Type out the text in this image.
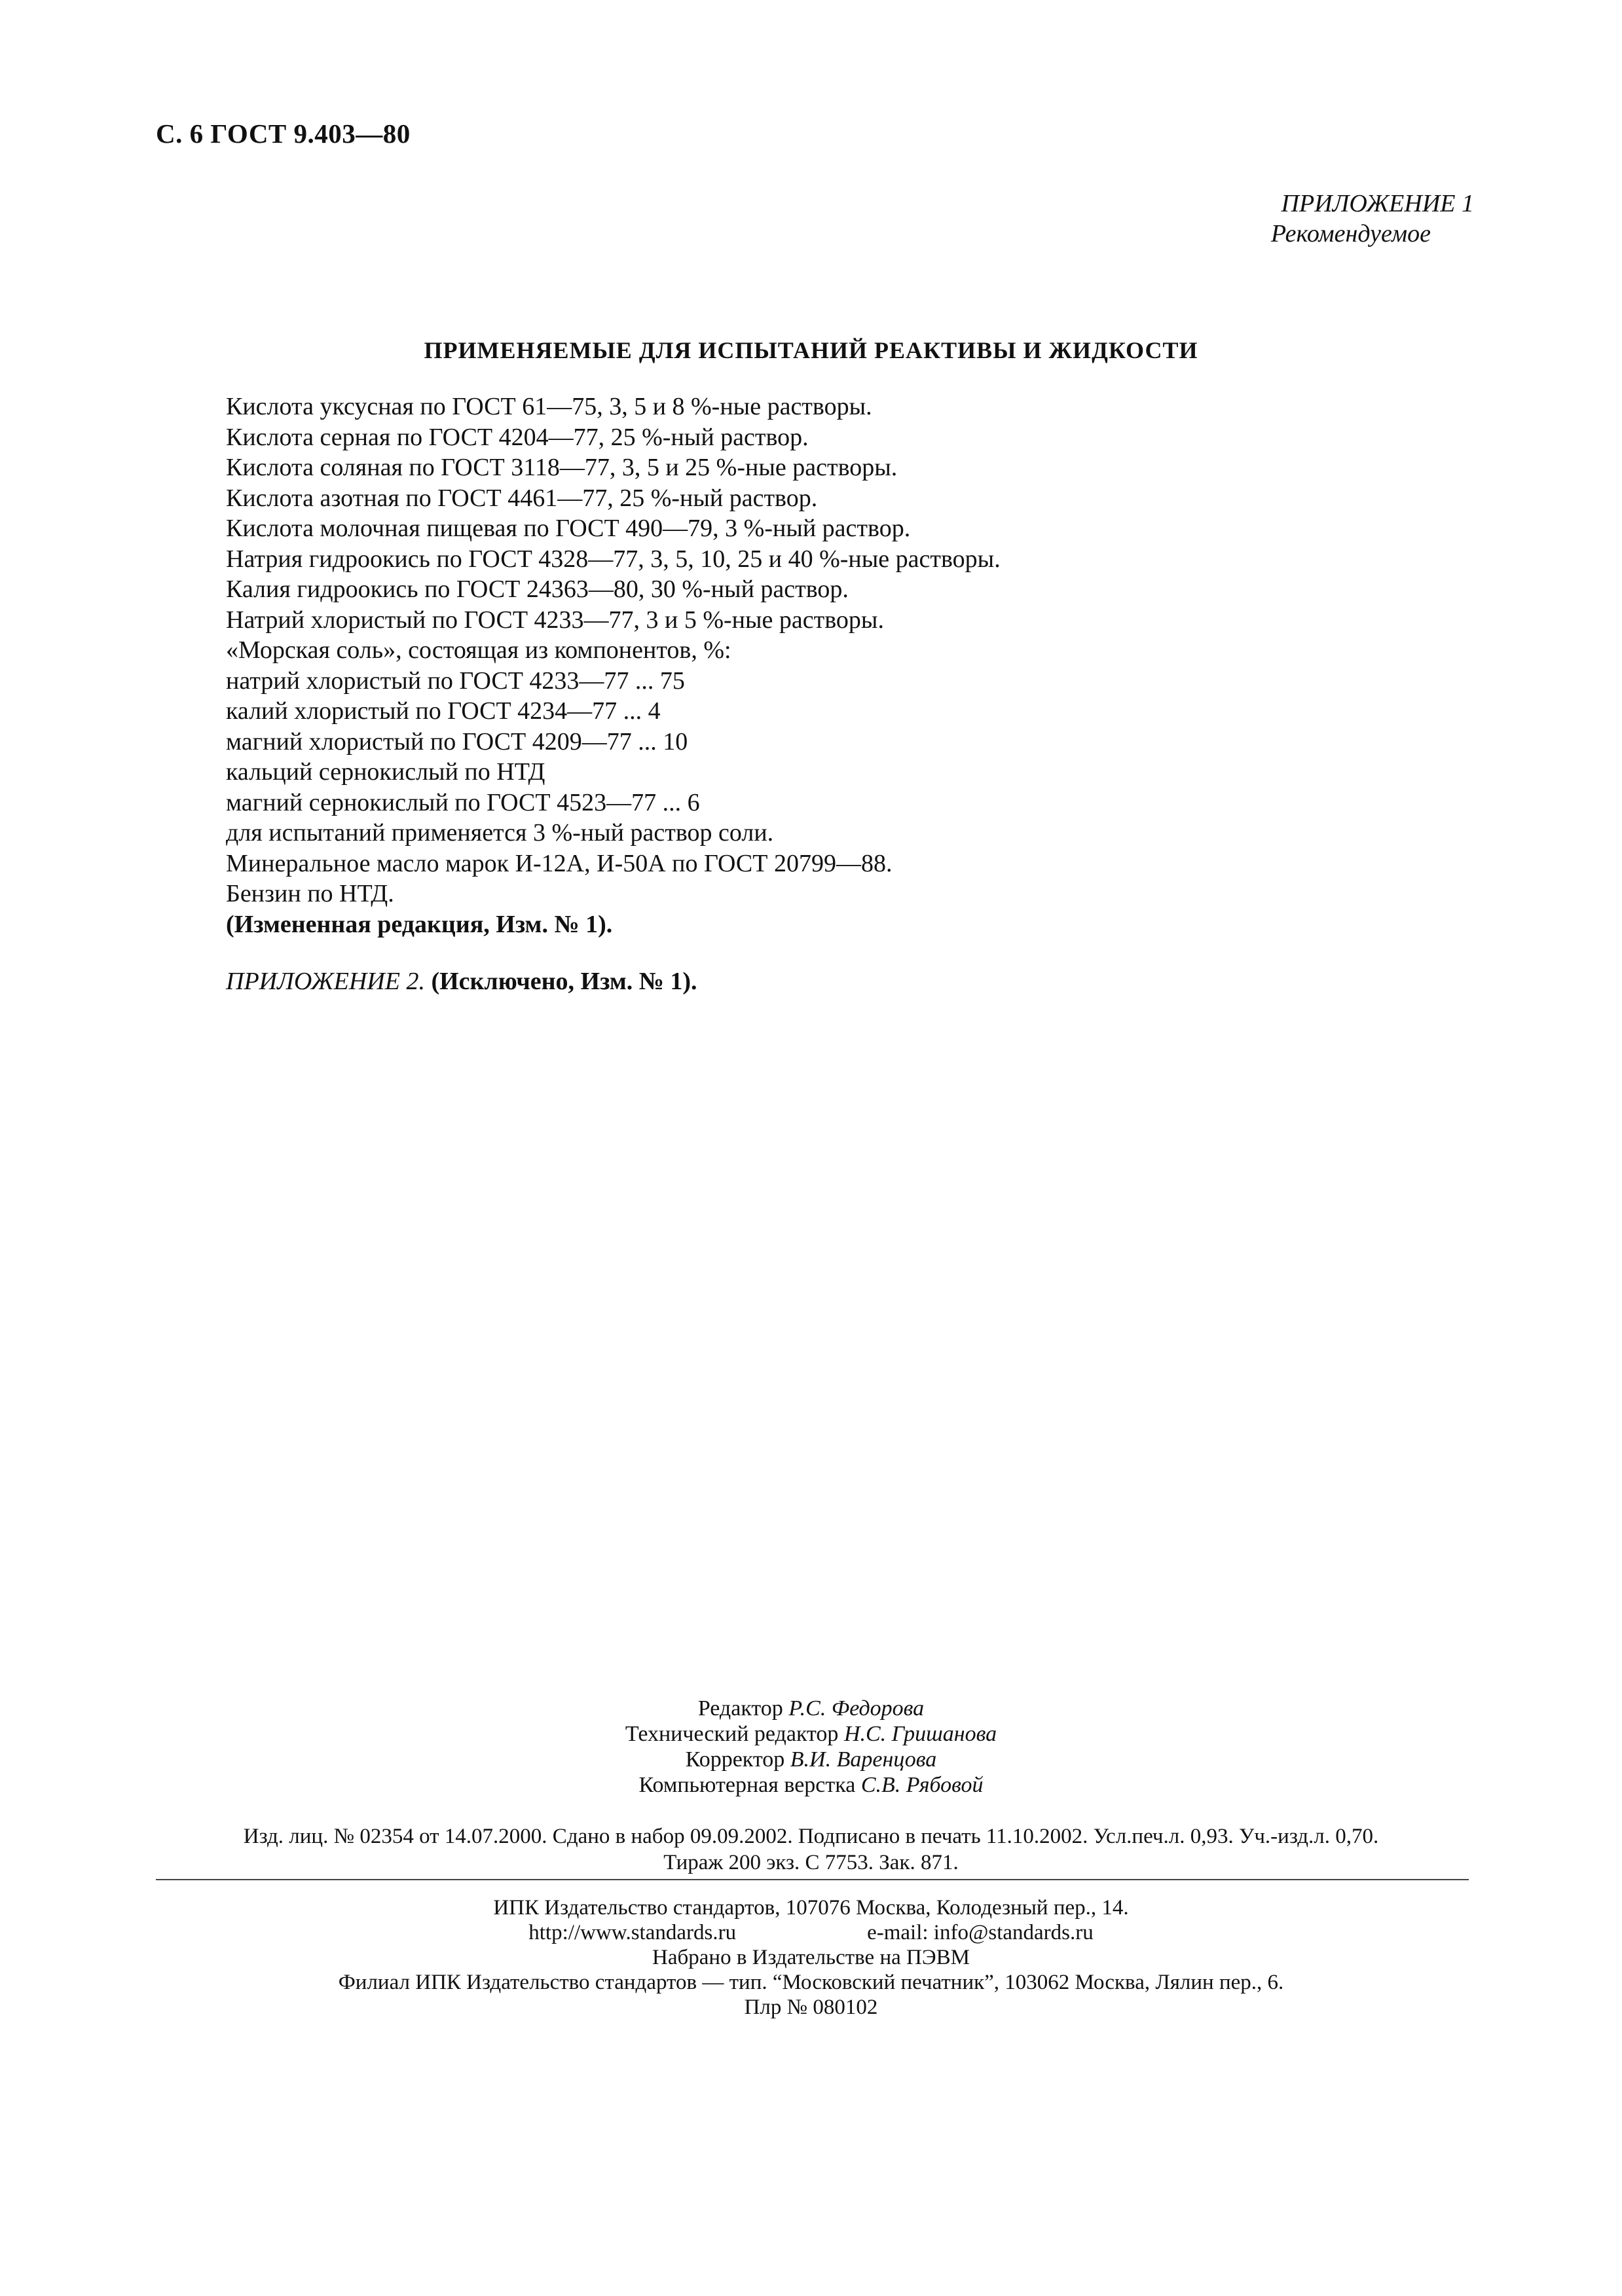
С. 6 ГОСТ 9.403—80
ПРИЛОЖЕНИЕ 1

Рекомендуемое
ПРИМЕНЯЕМЫЕ ДЛЯ ИСПЫТАНИЙ РЕАКТИВЫ И ЖИДКОСТИ
Кислота уксусная по ГОСТ 61—75, 3, 5 и 8 %-ные растворы.
Кислота серная по ГОСТ 4204—77, 25 %-ный раствор.
Кислота соляная по ГОСТ 3118—77, 3, 5 и 25 %-ные растворы.
Кислота азотная по ГОСТ 4461—77, 25 %-ный раствор.
Кислота молочная пищевая по ГОСТ 490—79, 3 %-ный раствор.
Натрия гидроокись по ГОСТ 4328—77, 3, 5, 10, 25 и 40 %-ные растворы.
Калия гидроокись по ГОСТ 24363—80, 30 %-ный раствор.
Натрий хлористый по ГОСТ 4233—77, 3 и 5 %-ные растворы.
«Морская соль», состоящая из компонентов, %:
натрий хлористый по ГОСТ 4233—77 ... 75
калий хлористый по ГОСТ 4234—77 ... 4
магний хлористый по ГОСТ 4209—77 ... 10
кальций сернокислый по НТД
магний сернокислый по ГОСТ 4523—77 ... 6
для испытаний применяется 3 %-ный раствор соли.
Минеральное масло марок И-12А, И-50А по ГОСТ 20799—88.
Бензин по НТД.
(Измененная редакция, Изм. № 1).
ПРИЛОЖЕНИЕ 2. (Исключено, Изм. № 1).
Редактор Р.С. Федорова
Технический редактор Н.С. Гришанова
Корректор В.И. Варенцова
Компьютерная верстка С.В. Рябовой
Изд. лиц. № 02354 от 14.07.2000. Сдано в набор 09.09.2002. Подписано в печать 11.10.2002. Усл.печ.л. 0,93. Уч.-изд.л. 0,70.
Тираж 200 экз. С 7753. Зак. 871.
ИПК Издательство стандартов, 107076 Москва, Колодезный пер., 14.
http://www.standards.ru	e-mail: info@standards.ru
Набрано в Издательстве на ПЭВМ
Филиал ИПК Издательство стандартов — тип. “Московский печатник”, 103062 Москва, Лялин пер., 6.
Плр № 080102
